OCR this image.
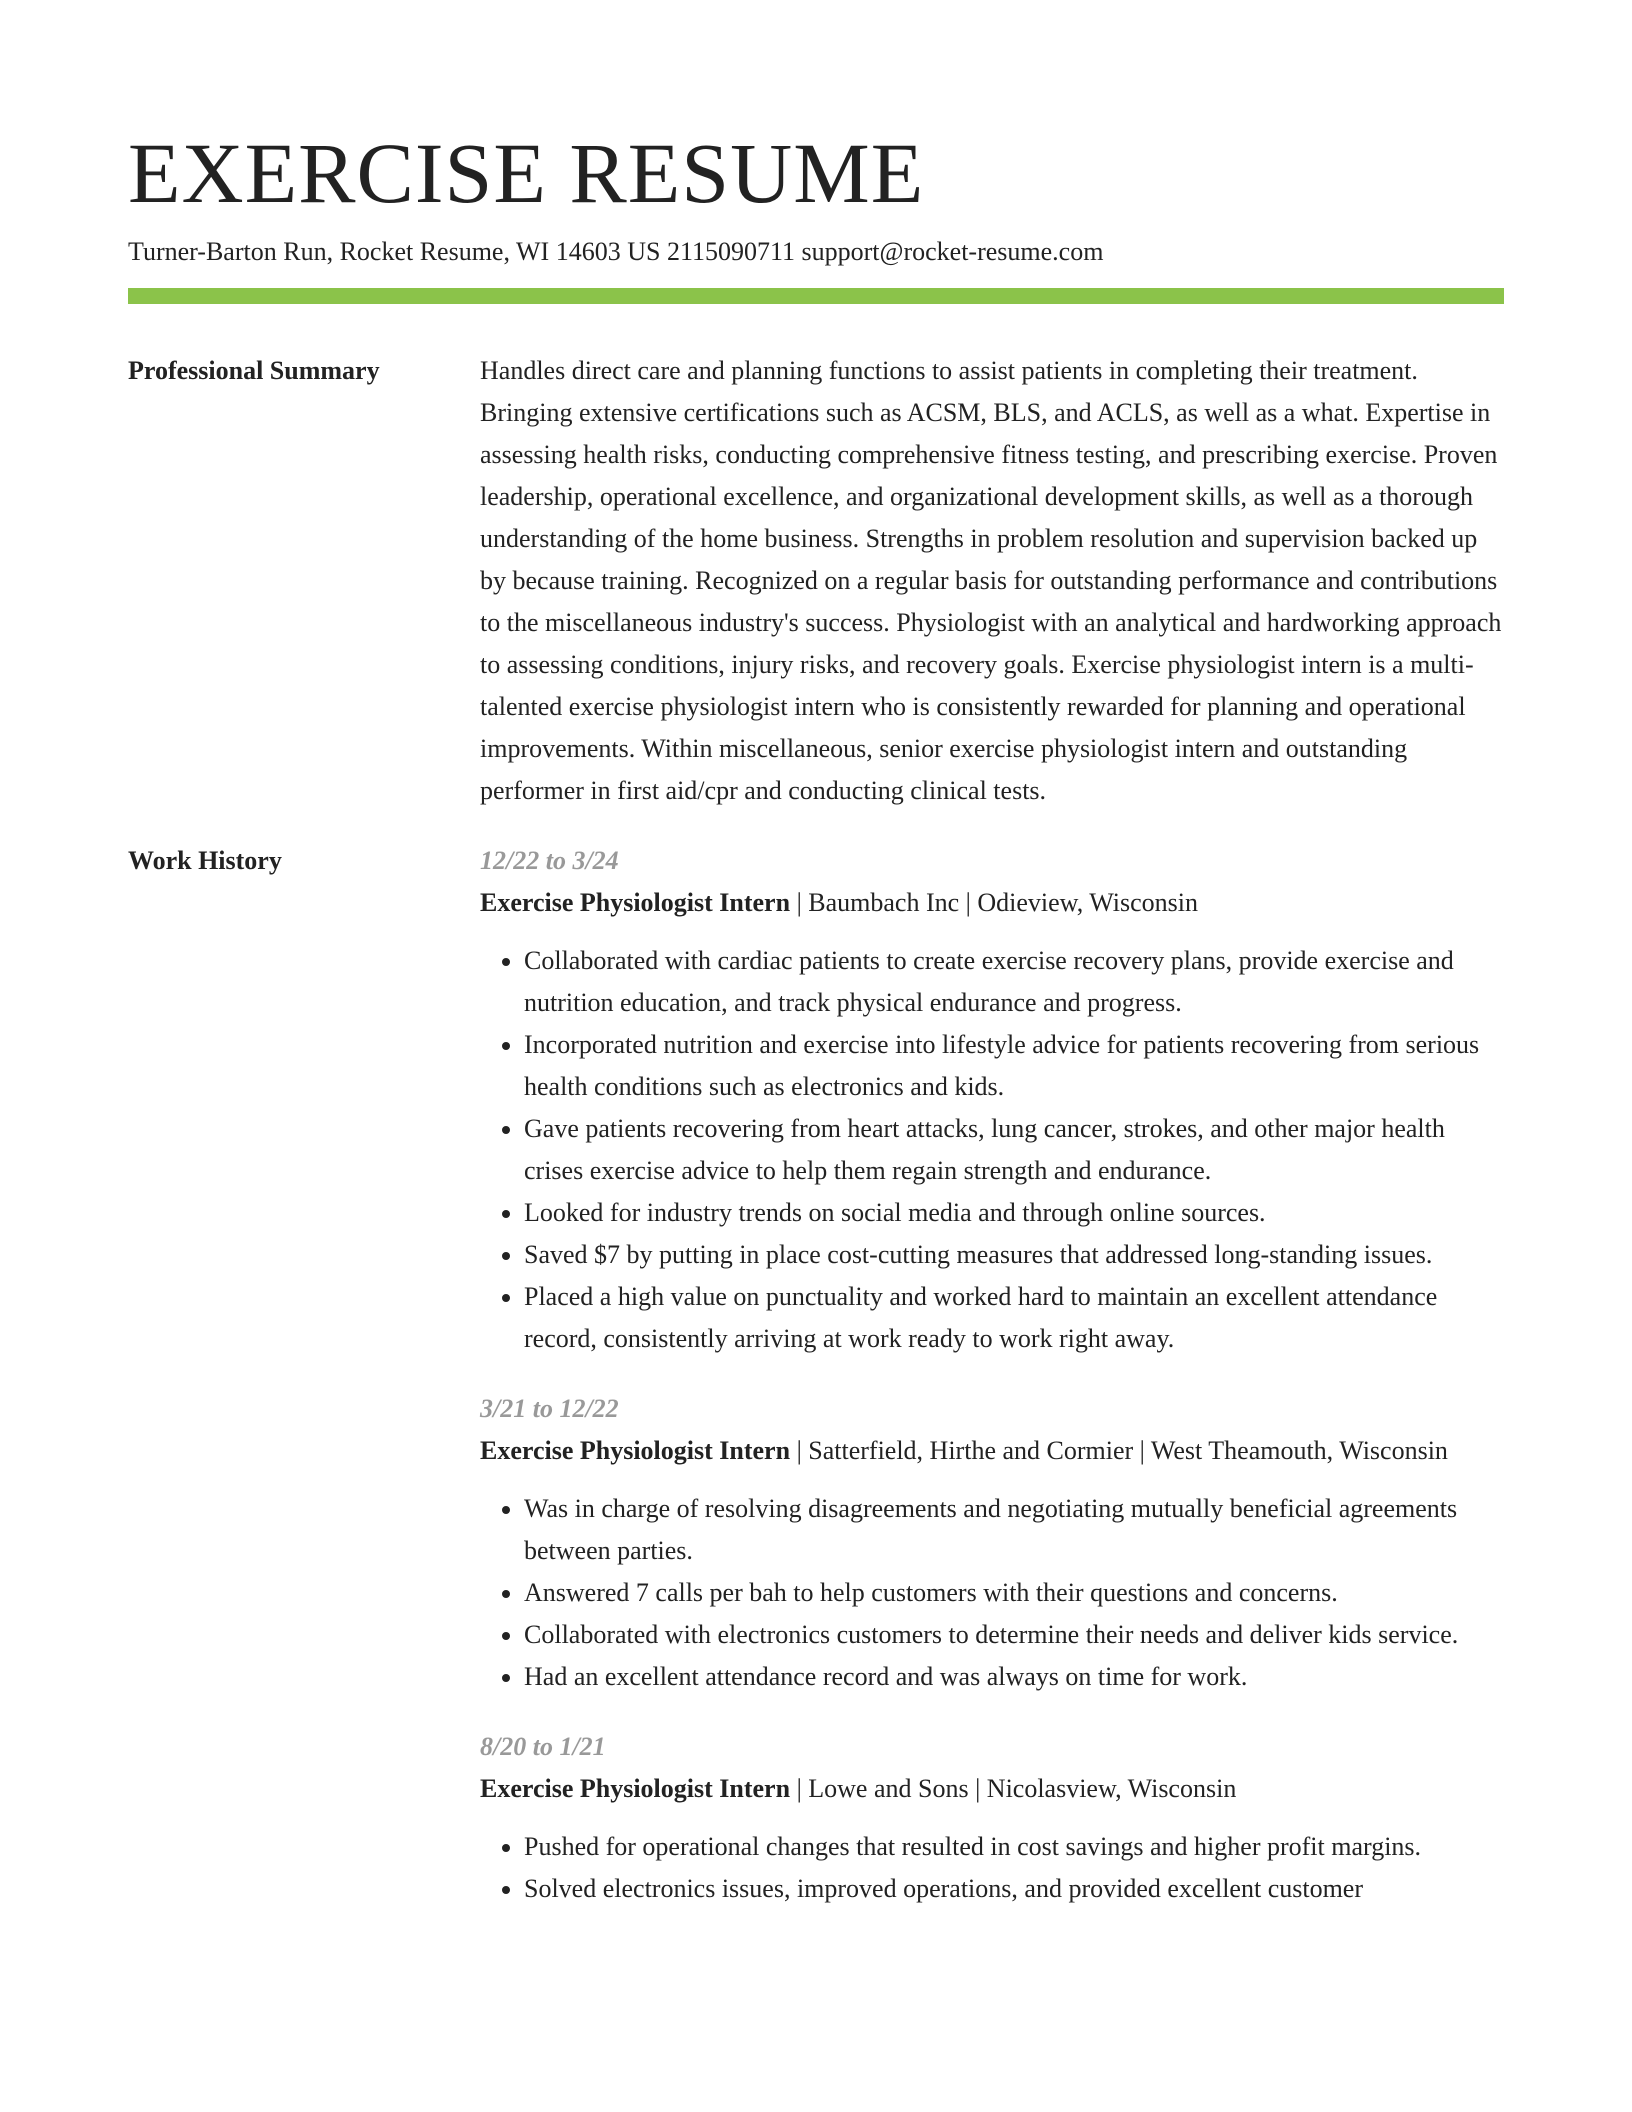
EXERCISE RESUME
Turner-Barton Run, Rocket Resume, WI 14603 US 2115090711 support@rocket-resume.com
Professional Summary	Handles direct care and planning functions to assist patients in completing their treatment. Bringing extensive certifications such as ACSM, BLS, and ACLS, as well as a what. Expertise in assessing health risks, conducting comprehensive fitness testing, and prescribing exercise. Proven leadership, operational excellence, and organizational development skills, as well as a thorough understanding of the home business. Strengths in problem resolution and supervision backed up by because training. Recognized on a regular basis for outstanding performance and contributions to the miscellaneous industry's success. Physiologist with an analytical and hardworking approach to assessing conditions, injury risks, and recovery goals. Exercise physiologist intern is a multi-talented exercise physiologist intern who is consistently rewarded for planning and operational improvements. Within miscellaneous, senior exercise physiologist intern and outstanding performer in first aid/cpr and conducting clinical tests.

Work History	12/22 to 3/24
Exercise Physiologist Intern | Baumbach Inc | Odieview, Wisconsin
• Collaborated with cardiac patients to create exercise recovery plans, provide exercise and nutrition education, and track physical endurance and progress.
• Incorporated nutrition and exercise into lifestyle advice for patients recovering from serious health conditions such as electronics and kids.
• Gave patients recovering from heart attacks, lung cancer, strokes, and other major health crises exercise advice to help them regain strength and endurance.
• Looked for industry trends on social media and through online sources.
• Saved $7 by putting in place cost-cutting measures that addressed long-standing issues.
• Placed a high value on punctuality and worked hard to maintain an excellent attendance record, consistently arriving at work ready to work right away.
3/21 to 12/22
Exercise Physiologist Intern | Satterfield, Hirthe and Cormier | West Theamouth, Wisconsin
• Was in charge of resolving disagreements and negotiating mutually beneficial agreements between parties.
• Answered 7 calls per bah to help customers with their questions and concerns.
• Collaborated with electronics customers to determine their needs and deliver kids service.
• Had an excellent attendance record and was always on time for work.
8/20 to 1/21
Exercise Physiologist Intern | Lowe and Sons | Nicolasview, Wisconsin
• Pushed for operational changes that resulted in cost savings and higher profit margins.
• Solved electronics issues, improved operations, and provided excellent customer
